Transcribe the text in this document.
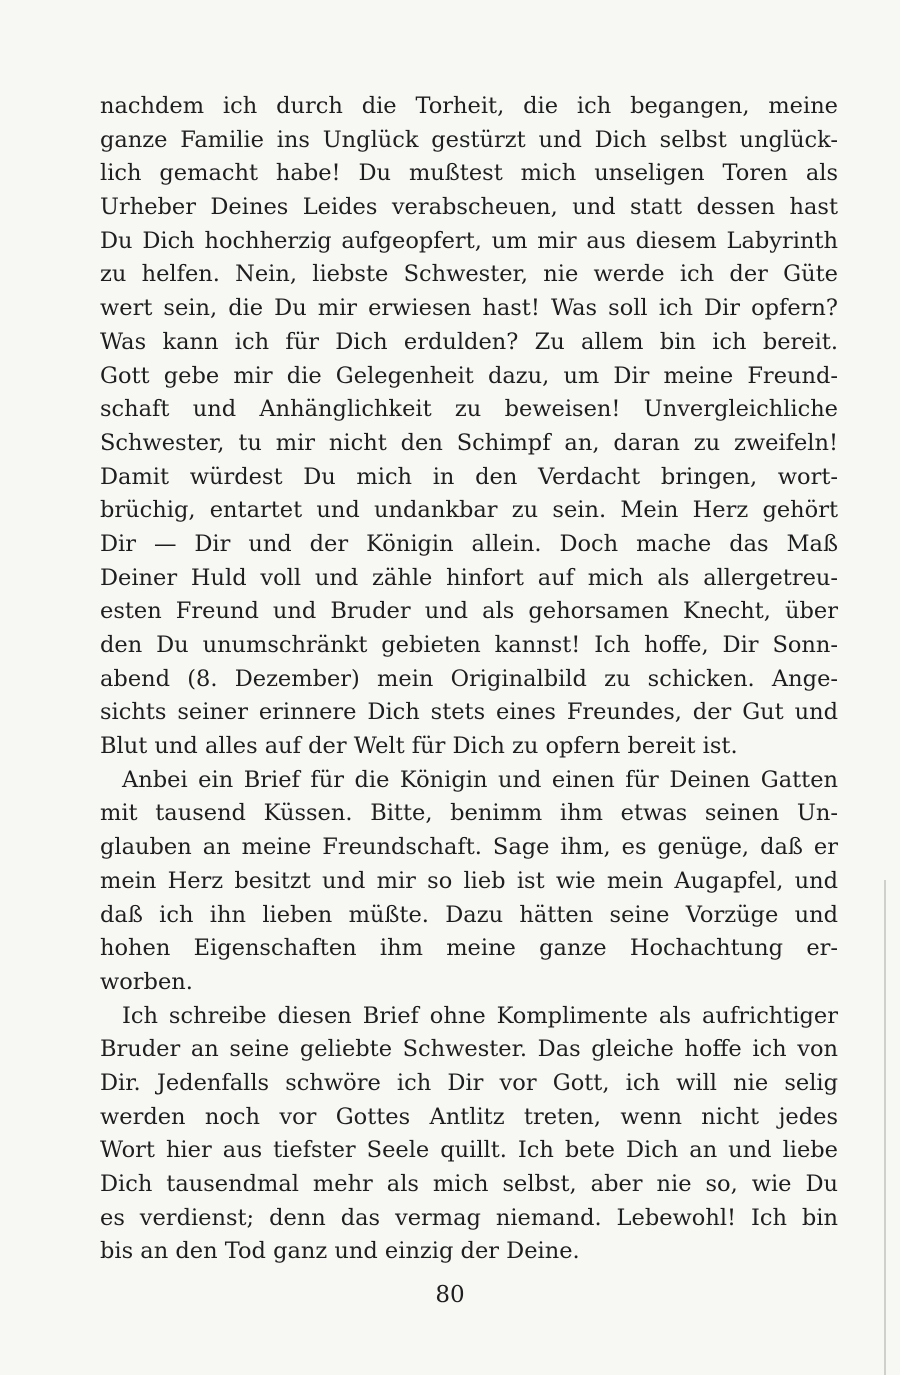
nachdem ich durch die Torheit, die ich begangen, meine
ganze Familie ins Unglück gestürzt und Dich selbst unglück-
lich gemacht habe! Du mußtest mich unseligen Toren als
Urheber Deines Leides verabscheuen, und statt dessen hast
Du Dich hochherzig aufgeopfert, um mir aus diesem Labyrinth
zu helfen. Nein, liebste Schwester, nie werde ich der Güte
wert sein, die Du mir erwiesen hast! Was soll ich Dir opfern?
Was kann ich für Dich erdulden? Zu allem bin ich bereit.
Gott gebe mir die Gelegenheit dazu, um Dir meine Freund-
schaft und Anhänglichkeit zu beweisen! Unvergleichliche
Schwester, tu mir nicht den Schimpf an, daran zu zweifeln!
Damit würdest Du mich in den Verdacht bringen, wort-
brüchig, entartet und undankbar zu sein. Mein Herz gehört
Dir — Dir und der Königin allein. Doch mache das Maß
Deiner Huld voll und zähle hinfort auf mich als allergetreu-
esten Freund und Bruder und als gehorsamen Knecht, über
den Du unumschränkt gebieten kannst! Ich hoffe, Dir Sonn-
abend (8. Dezember) mein Originalbild zu schicken. Ange-
sichts seiner erinnere Dich stets eines Freundes, der Gut und
Blut und alles auf der Welt für Dich zu opfern bereit ist.
Anbei ein Brief für die Königin und einen für Deinen Gatten
mit tausend Küssen. Bitte, benimm ihm etwas seinen Un-
glauben an meine Freundschaft. Sage ihm, es genüge, daß er
mein Herz besitzt und mir so lieb ist wie mein Augapfel, und
daß ich ihn lieben müßte. Dazu hätten seine Vorzüge und
hohen Eigenschaften ihm meine ganze Hochachtung er-
worben.
Ich schreibe diesen Brief ohne Komplimente als aufrichtiger
Bruder an seine geliebte Schwester. Das gleiche hoffe ich von
Dir. Jedenfalls schwöre ich Dir vor Gott, ich will nie selig
werden noch vor Gottes Antlitz treten, wenn nicht jedes
Wort hier aus tiefster Seele quillt. Ich bete Dich an und liebe
Dich tausendmal mehr als mich selbst, aber nie so, wie Du
es verdienst; denn das vermag niemand. Lebewohl! Ich bin
bis an den Tod ganz und einzig der Deine.
80
